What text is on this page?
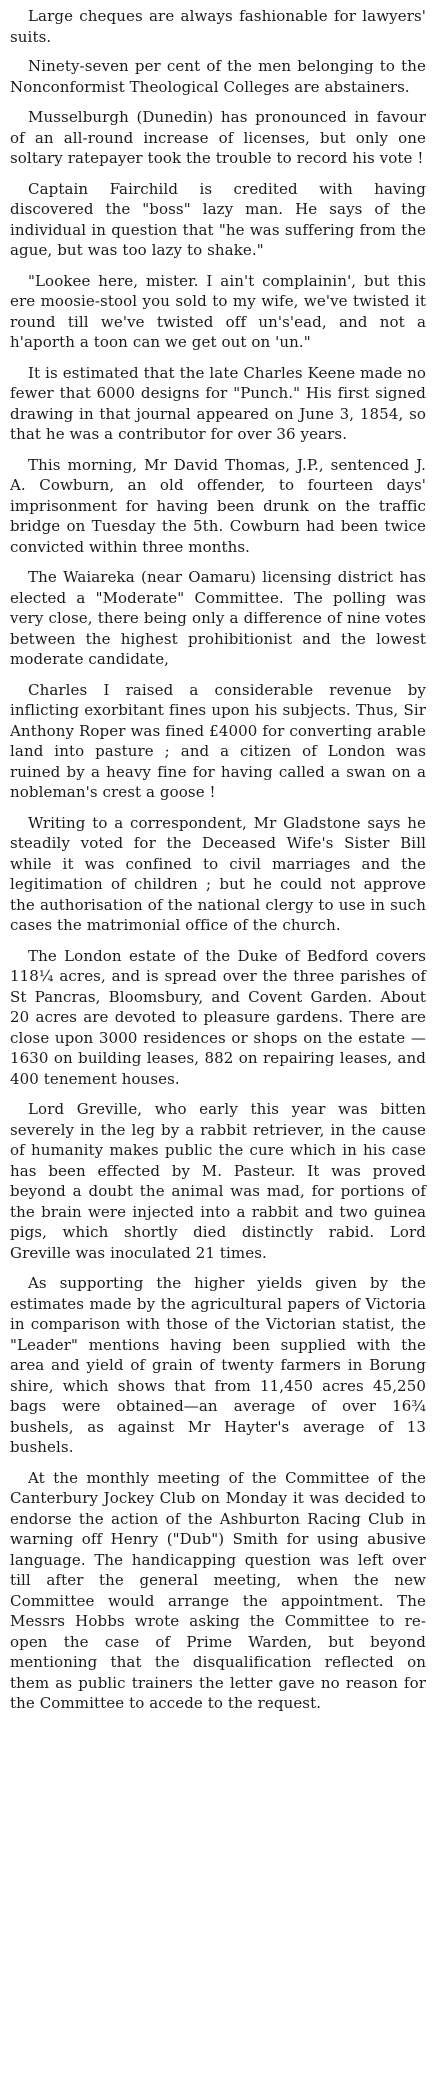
Large cheques are always fashionable for lawyers' suits.

Ninety-seven per cent of the men belonging to the Nonconformist Theological Colleges are abstainers.

Musselburgh (Dunedin) has pronounced in favour of an all-round increase of licenses, but only one soltary ratepayer took the trouble to record his vote !

Captain Fairchild is credited with having discovered the "boss" lazy man. He says of the individual in question that "he was suffering from the ague, but was too lazy to shake."

"Lookee here, mister. I ain't complainin', but this ere moosie-stool you sold to my wife, we've twisted it round till we've twisted off un's'ead, and not a h'aporth a toon can we get out on 'un."

It is estimated that the late Charles Keene made no fewer that 6000 designs for "Punch." His first signed drawing in that journal appeared on June 3, 1854, so that he was a contributor for over 36 years.

This morning, Mr David Thomas, J.P., sentenced J. A. Cowburn, an old offender, to fourteen days' imprisonment for having been drunk on the traffic bridge on Tuesday the 5th. Cowburn had been twice convicted within three months.

The Waiareka (near Oamaru) licensing district has elected a "Moderate" Committee. The polling was very close, there being only a difference of nine votes between the highest prohibitionist and the lowest moderate candidate,

Charles I raised a considerable revenue by inflicting exorbitant fines upon his subjects. Thus, Sir Anthony Roper was fined £4000 for converting arable land into pasture ; and a citizen of London was ruined by a heavy fine for having called a swan on a nobleman's crest a goose !

Writing to a correspondent, Mr Gladstone says he steadily voted for the Deceased Wife's Sister Bill while it was confined to civil marriages and the legitimation of children ; but he could not approve the authorisation of the national clergy to use in such cases the matrimonial office of the church.

The London estate of the Duke of Bedford covers 118¼ acres, and is spread over the three parishes of St Pancras, Bloomsbury, and Covent Garden. About 20 acres are devoted to pleasure gardens. There are close upon 3000 residences or shops on the estate —1630 on building leases, 882 on repairing leases, and 400 tenement houses.

Lord Greville, who early this year was bitten severely in the leg by a rabbit retriever, in the cause of humanity makes public the cure which in his case has been effected by M. Pasteur. It was proved beyond a doubt the animal was mad, for portions of the brain were injected into a rabbit and two guinea pigs, which shortly died distinctly rabid. Lord Greville was inoculated 21 times.

As supporting the higher yields given by the estimates made by the agricultural papers of Victoria in comparison with those of the Victorian statist, the "Leader" mentions having been supplied with the area and yield of grain of twenty farmers in Borung shire, which shows that from 11,450 acres 45,250 bags were obtained—an average of over 16¾ bushels, as against Mr Hayter's average of 13 bushels.

At the monthly meeting of the Committee of the Canterbury Jockey Club on Monday it was decided to endorse the action of the Ashburton Racing Club in warning off Henry ("Dub") Smith for using abusive language. The handicapping question was left over till after the general meeting, when the new Committee would arrange the appointment. The Messrs Hobbs wrote asking the Committee to re-open the case of Prime Warden, but beyond mentioning that the disqualification reflected on them as public trainers the letter gave no reason for the Committee to accede to the request.
